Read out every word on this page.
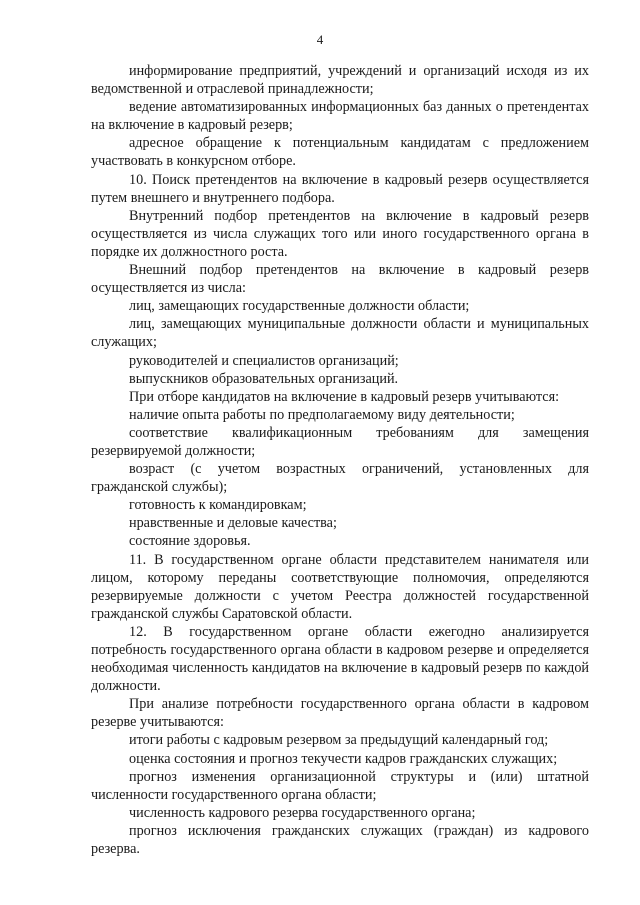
4

информирование предприятий, учреждений и организаций исходя из их ведомственной и отраслевой принадлежности;

ведение автоматизированных информационных баз данных о претендентах на включение в кадровый резерв;

адресное обращение к потенциальным кандидатам с предложением участвовать в конкурсном отборе.

10. Поиск претендентов на включение в кадровый резерв осуществляется путем внешнего и внутреннего подбора.

Внутренний подбор претендентов на включение в кадровый резерв осуществляется из числа служащих того или иного государственного органа в порядке их должностного роста.

Внешний подбор претендентов на включение в кадровый резерв осуществляется из числа:

лиц, замещающих государственные должности области;

лиц, замещающих муниципальные должности области и муниципальных служащих;

руководителей и специалистов организаций;

выпускников образовательных организаций.

При отборе кандидатов на включение в кадровый резерв учитываются:

наличие опыта работы по предполагаемому виду деятельности;

соответствие квалификационным требованиям для замещения резервируемой должности;

возраст (с учетом возрастных ограничений, установленных для гражданской службы);

готовность к командировкам;

нравственные и деловые качества;

состояние здоровья.

11. В государственном органе области представителем нанимателя или лицом, которому переданы соответствующие полномочия, определяются резервируемые должности с учетом Реестра должностей государственной гражданской службы Саратовской области.

12. В государственном органе области ежегодно анализируется потребность государственного органа области в кадровом резерве и определяется необходимая численность кандидатов на включение в кадровый резерв по каждой должности.

При анализе потребности государственного органа области в кадровом резерве учитываются:

итоги работы с кадровым резервом за предыдущий календарный год;

оценка состояния и прогноз текучести кадров гражданских служащих;

прогноз изменения организационной структуры и (или) штатной численности государственного органа области;

численность кадрового резерва государственного органа;

прогноз исключения гражданских служащих (граждан) из кадрового резерва.
